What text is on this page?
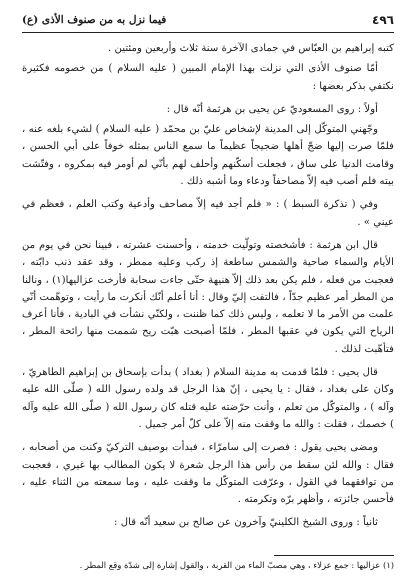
٤٩٦
فيما نزل به من صنوف الأذى (ع)

كتبه إبراهيم بن العبّاس في جمادى الآخرة سنة ثلاث وأربعين ومئتين .

أمّا صنوف الأذى التي نزلت بهذا الإمام المبين ( عليه السلام ) من خصومه فكثيرة نكتفي بذكر بعضها :

أولاً : روى المسعوديّ عن يحيى بن هرثمة أنّه قال :

وجّهني المتوكّل إلى المدينة لإشخاص عليّ بن محمّد ( عليه السلام ) لشيء بلغه عنه ، فلمّا صرت إليها ضجّ أهلها ضجيجاً عظيماً ما سمع الناس بمثله خوفاً على أبي الحسن ، وقامت الدنيا على ساق ، فجعلت أسكّنهم وأحلف لهم بأنّي لم أومر فيه بمكروه ، وفتّشت بيته فلم أصب فيه إلاّ مصاحفاً ودعاء وما أشبه ذلك .

وفي ( تذكرة السبط ) : « فلم أجد فيه إلاّ مصاحف وأدعية وكتب العلم ، فعظم في عيني » .

قال ابن هرثمة : فأشخصته وتولّيت خدمته ، وأحسنت عشرته ، فبينا نحن في يوم من الأيام والسماء صاحية والشمس ساطعة إذ ركب وعليه ممطر ، وقد عقد ذنب دابّته ، فعجبت من فعله ، فلم يكن بعد ذلك إلاّ هنيهة حتّى جاءت سحابة فأرخت عزاليها(١) ، ونالنا من المطر أمر عظيم جدّاً ، فالتفت إليّ وقال : أنا أعلم أنّك أنكرت ما رأيت ، وتوهّمت أنّي علمت من الأمر ما لا تعلمه ، وليس ذلك كما ظننت ، ولكنّي نشأت في البادية ، فأنا أعرف الرياح التي يكون في عقبها المطر ، فلمّا أصبحت هبّت ريح شممت منها رائحة المطر ، فتأهّبت لذلك .

قال يحيى : فلمّا قدمت به مدينة السلام ( بغداد ) بدأت بإسحاق بن إبراهيم الطاهريّ ، وكان على بغداد ، فقال : يا يحيى ، إنّ هذا الرجل قد ولده رسول الله ( صلّى الله عليه وآله ) ، والمتوكّل من تعلم ، وأنت حرّضته عليه قتله كان رسول الله ( صلّى الله عليه وآله ) خصمك ، فقلت : والله ما وقفت منه إلاّ على كلّ أمر جميل .

ومضى يحيى يقول : فصرت إلى سامرّاء ، فبدأت بوصيف التركيّ وكنت من أصحابه ، فقال : والله لئن سقط من رأس هذا الرجل شعرة لا يكون المطالب بها غيري ، فعجبت من توافقهما في القول ، وعرّفت المتوكّل ما وقفت عليه ، وما سمعته من الثناء عليه ، فأحسن جائزته ، وأظهر برّه وتكرمته .

ثانياً : وروى الشيخ الكلينيّ وآخرون عن صالح بن سعيد أنّه قال :

(١) عزاليها : جمع عزلاء ، وهي مصبّ الماء من القربة ، والقول إشارة إلى شدّة وقع المطر .
